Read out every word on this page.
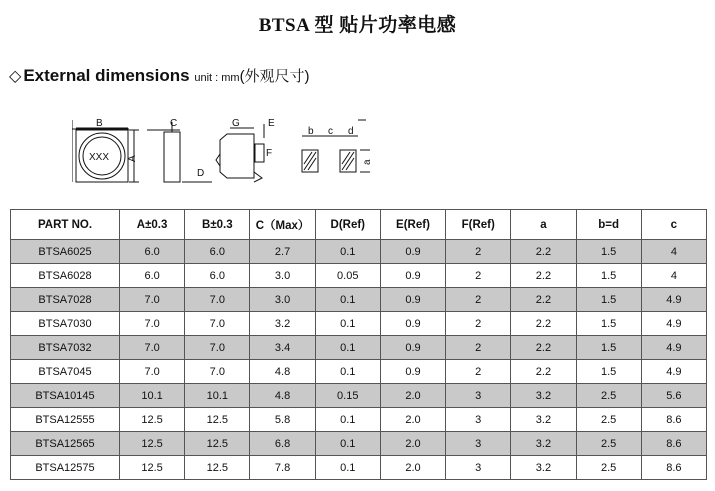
BTSA 型 贴片功率电感
◇ External dimensions unit : mm(外观尺寸)
XXX
B
A
C
D
G	E
F
b c d
a
PART NO.	A±0.3	B±0.3	C（Max）	D(Ref)	E(Ref)	F(Ref)	a	b=d	c
BTSA6025	6.0	6.0	2.7	0.1	0.9	2	2.2	1.5	4
BTSA6028	6.0	6.0	3.0	0.05	0.9	2	2.2	1.5	4
BTSA7028	7.0	7.0	3.0	0.1	0.9	2	2.2	1.5	4.9
BTSA7030	7.0	7.0	3.2	0.1	0.9	2	2.2	1.5	4.9
BTSA7032	7.0	7.0	3.4	0.1	0.9	2	2.2	1.5	4.9
BTSA7045	7.0	7.0	4.8	0.1	0.9	2	2.2	1.5	4.9
BTSA10145	10.1	10.1	4.8	0.15	2.0	3	3.2	2.5	5.6
BTSA12555	12.5	12.5	5.8	0.1	2.0	3	3.2	2.5	8.6
BTSA12565	12.5	12.5	6.8	0.1	2.0	3	3.2	2.5	8.6
BTSA12575	12.5	12.5	7.8	0.1	2.0	3	3.2	2.5	8.6
